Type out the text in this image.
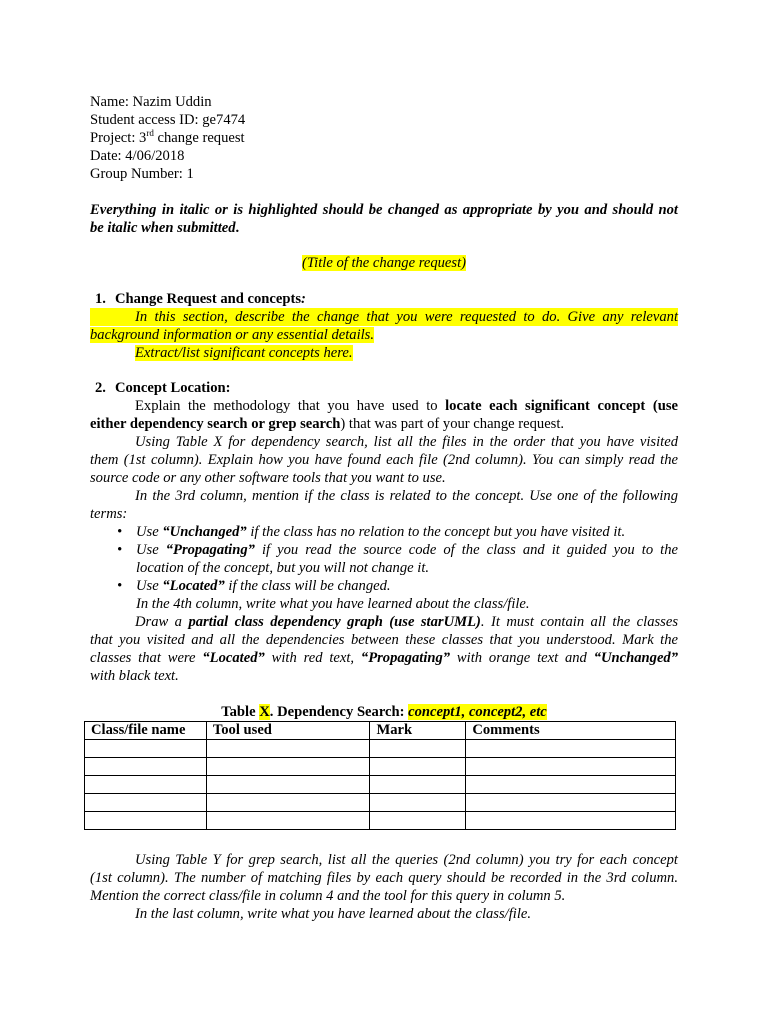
Name: Nazim Uddin
Student access ID: ge7474
Project: 3rd change request
Date: 4/06/2018
Group Number: 1
Everything in italic or is highlighted should be changed as appropriate by you and should not
be italic when submitted.
(Title of the change request)
1. Change Request and concepts:
In this section, describe the change that you were requested to do. Give any relevant
background information or any essential details.
Extract/list significant concepts here.
2. Concept Location:
Explain the methodology that you have used to locate each significant concept (use
either dependency search or grep search) that was part of your change request.
Using Table X for dependency search, list all the files in the order that you have visited
them (1st column). Explain how you have found each file (2nd column). You can simply read the
source code or any other software tools that you want to use.
In the 3rd column, mention if the class is related to the concept. Use one of the following
terms:
• Use “Unchanged” if the class has no relation to the concept but you have visited it.
• Use “Propagating” if you read the source code of the class and it guided you to the
location of the concept, but you will not change it.
• Use “Located” if the class will be changed.
In the 4th column, write what you have learned about the class/file.
Draw a partial class dependency graph (use starUML). It must contain all the classes
that you visited and all the dependencies between these classes that you understood. Mark the
classes that were “Located” with red text, “Propagating” with orange text and “Unchanged”
with black text.
Table X. Dependency Search: concept1, concept2, etc
Class/file name	Tool used	Mark	Comments

Using Table Y for grep search, list all the queries (2nd column) you try for each concept
(1st column). The number of matching files by each query should be recorded in the 3rd column.
Mention the correct class/file in column 4 and the tool for this query in column 5.
In the last column, write what you have learned about the class/file.
